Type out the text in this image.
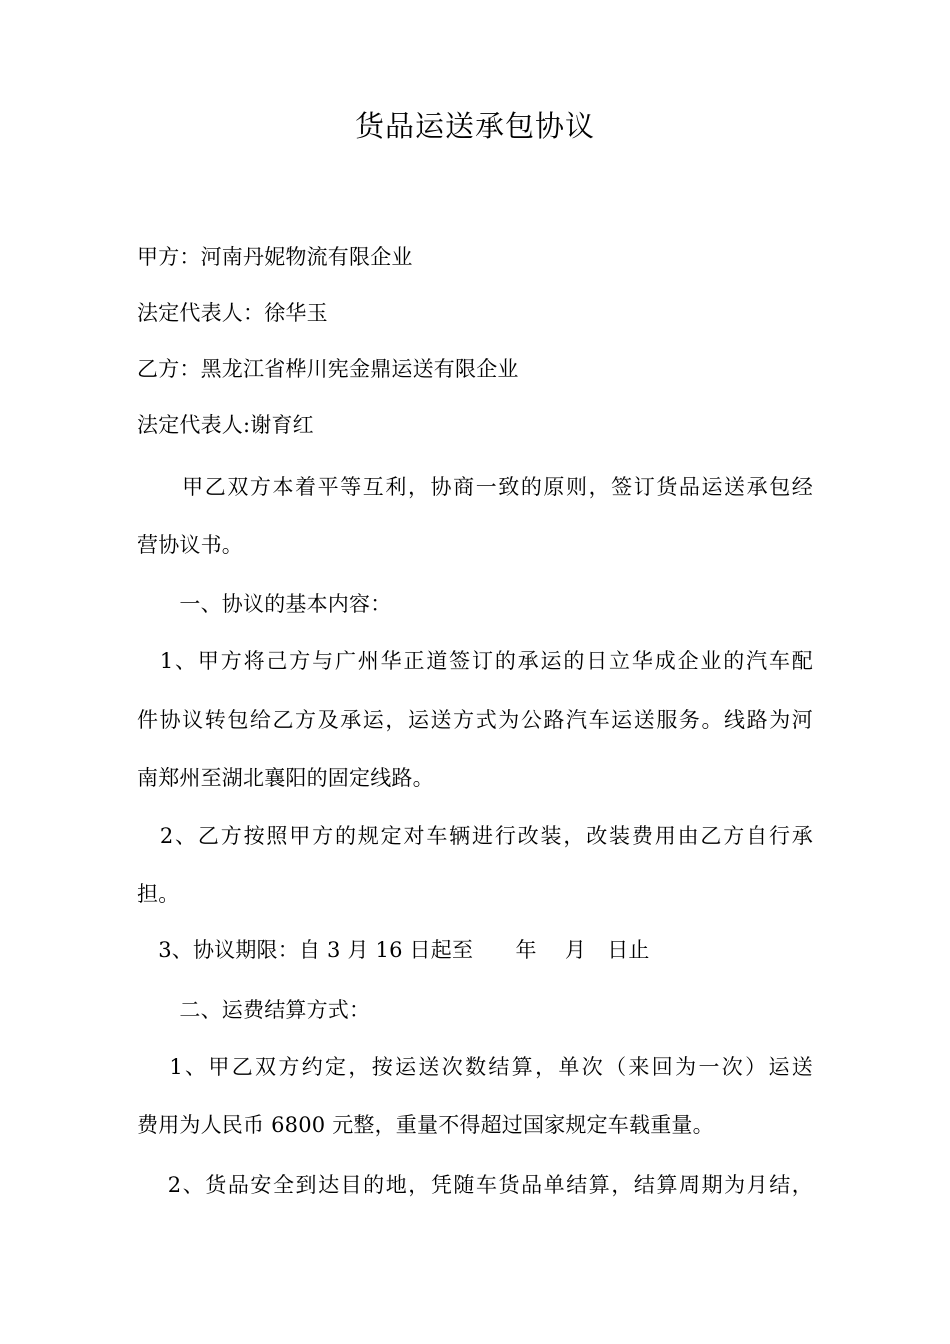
货品运送承包协议
甲方：河南丹妮物流有限企业
法定代表人：徐华玉
乙方：黑龙江省桦川宪金鼎运送有限企业
法定代表人:谢育红
　　甲乙双方本着平等互利，协商一致的原则，签订货品运送承包经
营协议书。
　　一、协议的基本内容：
　1、甲方将己方与广州华正道签订的承运的日立华成企业的汽车配
件协议转包给乙方及承运，运送方式为公路汽车运送服务。线路为河
南郑州至湖北襄阳的固定线路。
　2、乙方按照甲方的规定对车辆进行改装，改装费用由乙方自行承
担。
　3、协议期限：自 3 月 16 日起至　　年　 月　日止
　　二、运费结算方式：
　 1、甲乙双方约定，按运送次数结算，单次（来回为一次）运送
费用为人民币 6800 元整，重量不得超过国家规定车载重量。
　 2、货品安全到达目的地，凭随车货品单结算，结算周期为月结，
